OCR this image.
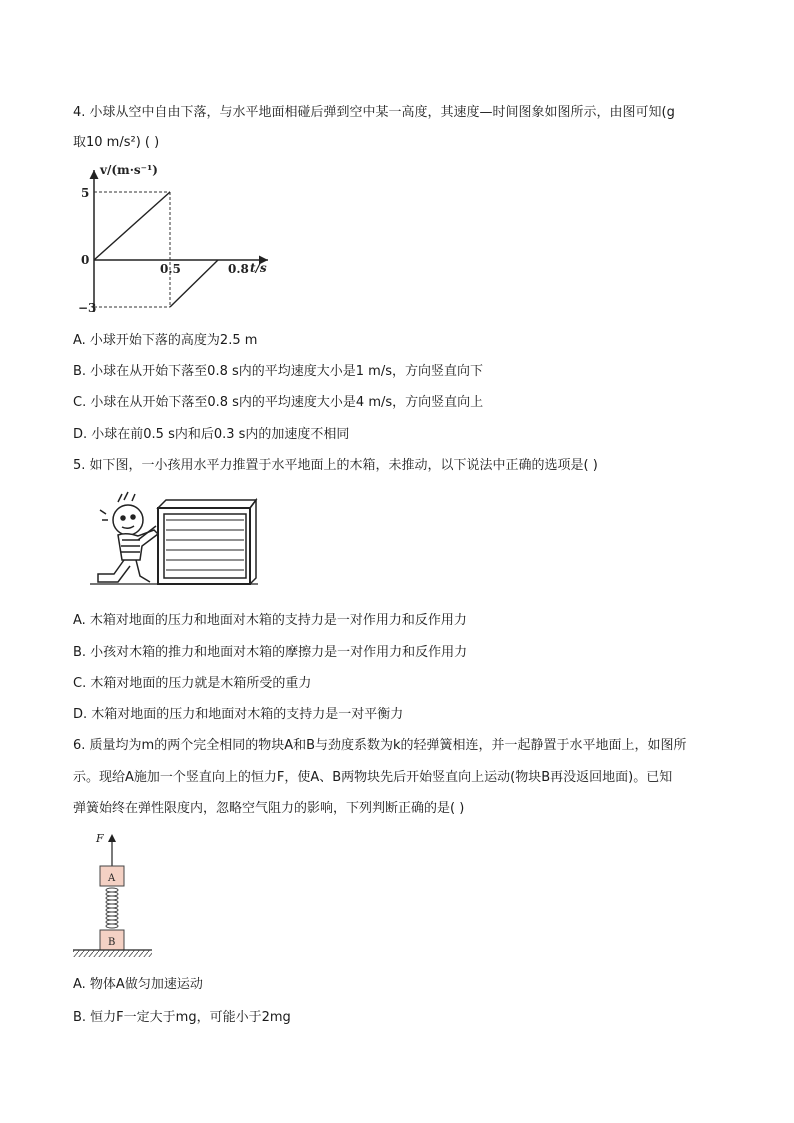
4. 小球从空中自由下落，与水平地面相碰后弹到空中某一高度，其速度—时间图象如图所示，由图可知(g
取10 m/s²) ( )
v/(m·s⁻¹)
t/s
5
0
−3
0.5	0.8
A. 小球开始下落的高度为2.5 m
B. 小球在从开始下落至0.8 s内的平均速度大小是1 m/s，方向竖直向下
C. 小球在从开始下落至0.8 s内的平均速度大小是4 m/s，方向竖直向上
D. 小球在前0.5 s内和后0.3 s内的加速度不相同
5. 如下图，一小孩用水平力推置于水平地面上的木箱，未推动，以下说法中正确的选项是( )
A. 木箱对地面的压力和地面对木箱的支持力是一对作用力和反作用力
B. 小孩对木箱的推力和地面对木箱的摩擦力是一对作用力和反作用力
C. 木箱对地面的压力就是木箱所受的重力
D. 木箱对地面的压力和地面对木箱的支持力是一对平衡力
6. 质量均为m的两个完全相同的物块A和B与劲度系数为k的轻弹簧相连，并一起静置于水平地面上，如图所
示。现给A施加一个竖直向上的恒力F，使A、B两物块先后开始竖直向上运动(物块B再没返回地面)。已知
弹簧始终在弹性限度内，忽略空气阻力的影响，下列判断正确的是( )
F
A
B
A. 物体A做匀加速运动
B. 恒力F一定大于mg，可能小于2mg
